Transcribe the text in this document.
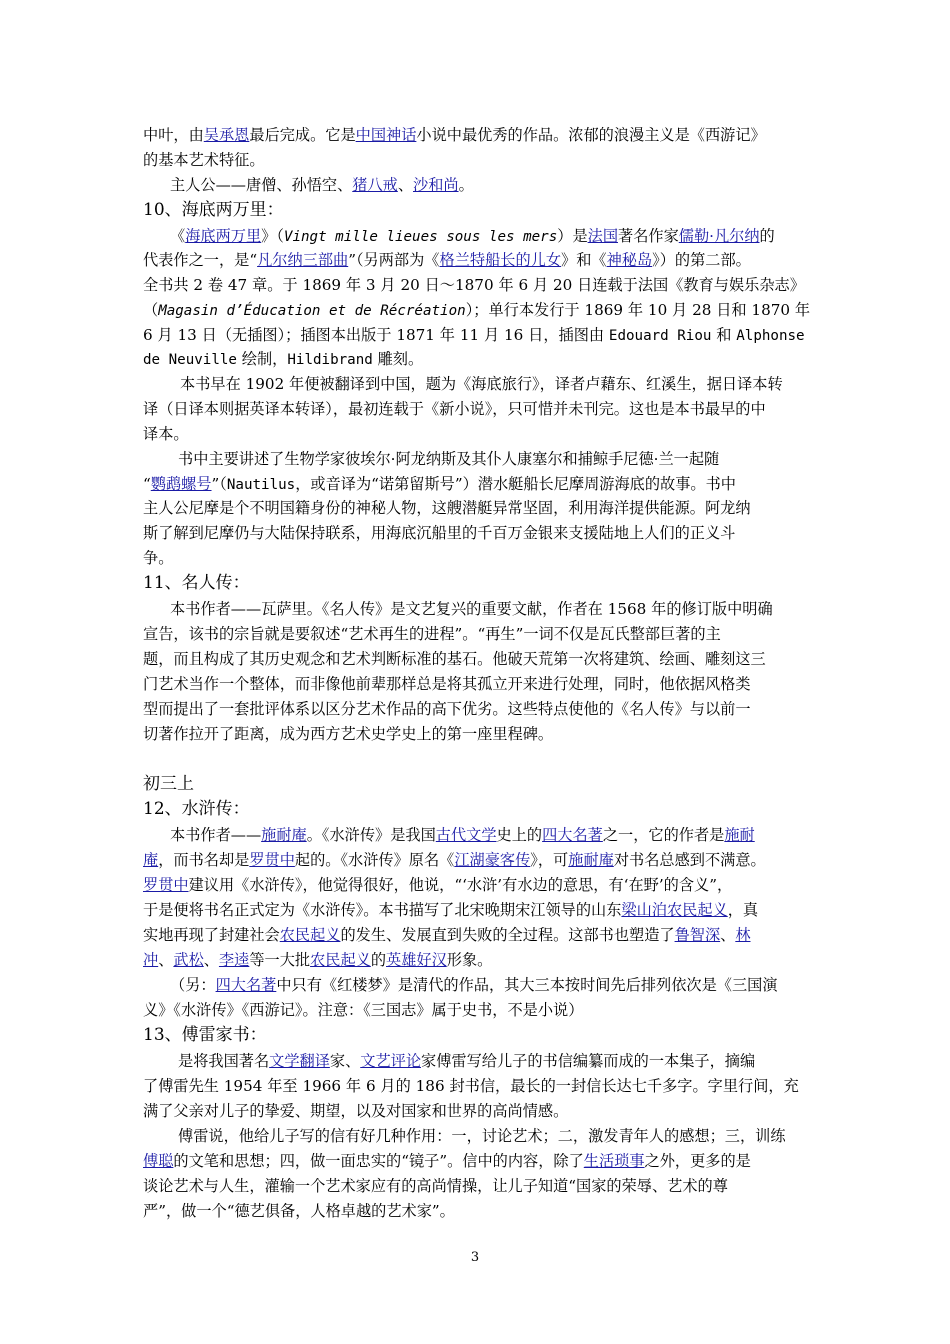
中叶，由吴承恩最后完成。它是中国神话小说中最优秀的作品。浓郁的浪漫主义是《西游记》
的基本艺术特征。
主人公——唐僧、孙悟空、猪八戒、沙和尚。
10、海底两万里：
《海底两万里》（Vingt mille lieues sous les mers）是法国著名作家儒勒·凡尔纳的
代表作之一，是“凡尔纳三部曲”（另两部为《格兰特船长的儿女》和《神秘岛》）的第二部。
全书共 2 卷 47 章。于 1869 年 3 月 20 日～1870 年 6 月 20 日连载于法国《教育与娱乐杂志》
（Magasin d’Éducation et de Récréation）；单行本发行于 1869 年 10 月 28 日和 1870 年
6 月 13 日（无插图）；插图本出版于 1871 年 11 月 16 日，插图由 Edouard Riou 和 Alphonse
de Neuville 绘制，Hildibrand 雕刻。
本书早在 1902 年便被翻译到中国，题为《海底旅行》，译者卢藉东、红溪生，据日译本转
译（日译本则据英译本转译），最初连载于《新小说》，只可惜并未刊完。这也是本书最早的中
译本。
书中主要讲述了生物学家彼埃尔·阿龙纳斯及其仆人康塞尔和捕鲸手尼德·兰一起随
“鹦鹉螺号”（Nautilus，或音译为“诺第留斯号”）潜水艇船长尼摩周游海底的故事。书中
主人公尼摩是个不明国籍身份的神秘人物，这艘潜艇异常坚固，利用海洋提供能源。阿龙纳
斯了解到尼摩仍与大陆保持联系，用海底沉船里的千百万金银来支援陆地上人们的正义斗
争。
11、名人传：
本书作者——瓦萨里。《名人传》是文艺复兴的重要文献，作者在 1568 年的修订版中明确
宣告，该书的宗旨就是要叙述“艺术再生的进程”。“再生”一词不仅是瓦氏整部巨著的主
题，而且构成了其历史观念和艺术判断标准的基石。他破天荒第一次将建筑、绘画、雕刻这三
门艺术当作一个整体，而非像他前辈那样总是将其孤立开来进行处理，同时，他依据风格类
型而提出了一套批评体系以区分艺术作品的高下优劣。这些特点使他的《名人传》与以前一
切著作拉开了距离，成为西方艺术史学史上的第一座里程碑。
初三上
12、水浒传：
本书作者——施耐庵。《水浒传》是我国古代文学史上的四大名著之一，它的作者是施耐
庵，而书名却是罗贯中起的。《水浒传》原名《江湖豪客传》，可施耐庵对书名总感到不满意。
罗贯中建议用《水浒传》，他觉得很好，他说，“‘水浒’有水边的意思，有‘在野’的含义”，
于是便将书名正式定为《水浒传》。本书描写了北宋晚期宋江领导的山东梁山泊农民起义，真
实地再现了封建社会农民起义的发生、发展直到失败的全过程。这部书也塑造了鲁智深、林
冲、武松、李逵等一大批农民起义的英雄好汉形象。
（另：四大名著中只有《红楼梦》是清代的作品，其大三本按时间先后排列依次是《三国演
义》《水浒传》《西游记》。注意：《三国志》属于史书，不是小说）
13、傅雷家书：
是将我国著名文学翻译家、文艺评论家傅雷写给儿子的书信编纂而成的一本集子，摘编
了傅雷先生 1954 年至 1966 年 6 月的 186 封书信，最长的一封信长达七千多字。字里行间，充
满了父亲对儿子的挚爱、期望，以及对国家和世界的高尚情感。
傅雷说，他给儿子写的信有好几种作用：一，讨论艺术；二，激发青年人的感想；三，训练
傅聪的文笔和思想；四，做一面忠实的“镜子”。信中的内容，除了生活琐事之外，更多的是
谈论艺术与人生，灌输一个艺术家应有的高尚情操，让儿子知道“国家的荣辱、艺术的尊
严”，做一个“德艺俱备，人格卓越的艺术家”。
3
